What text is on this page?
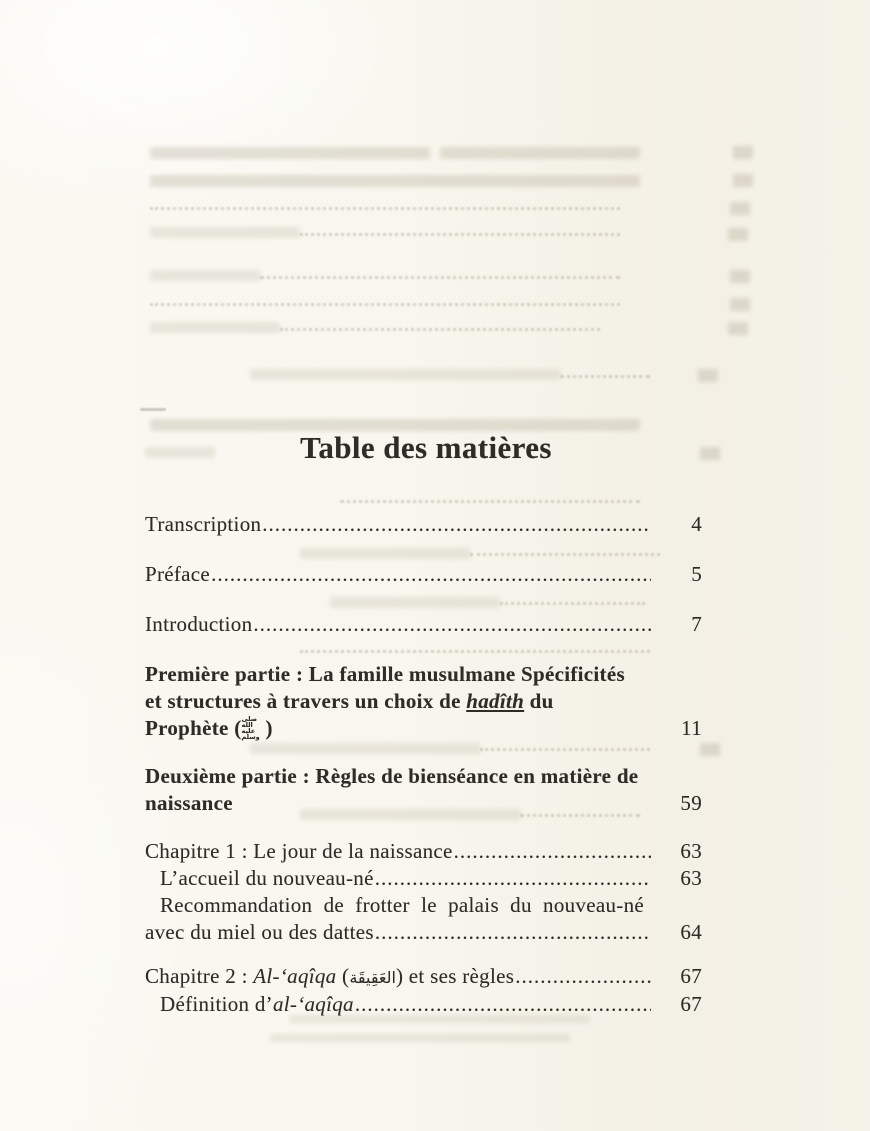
Table des matières
Transcription .....	4
Préface .....	5
Introduction .....	7
Première partie : La famille musulmane Spécificités
et structures à travers un choix de hadîth du
Prophète (صلى الله عليه وسلم )	11
Deuxième partie : Règles de bienséance en matière de
naissance	59
Chapitre 1 : Le jour de la naissance .....	63
L’accueil du nouveau-né .....	63
Recommandation de frotter le palais du nouveau-né
avec du miel ou des dattes .....	64
Chapitre 2 : Al-‘aqîqa (العَقِيقَة) et ses règles .....	67
Définition d’al-‘aqîqa .....	67
